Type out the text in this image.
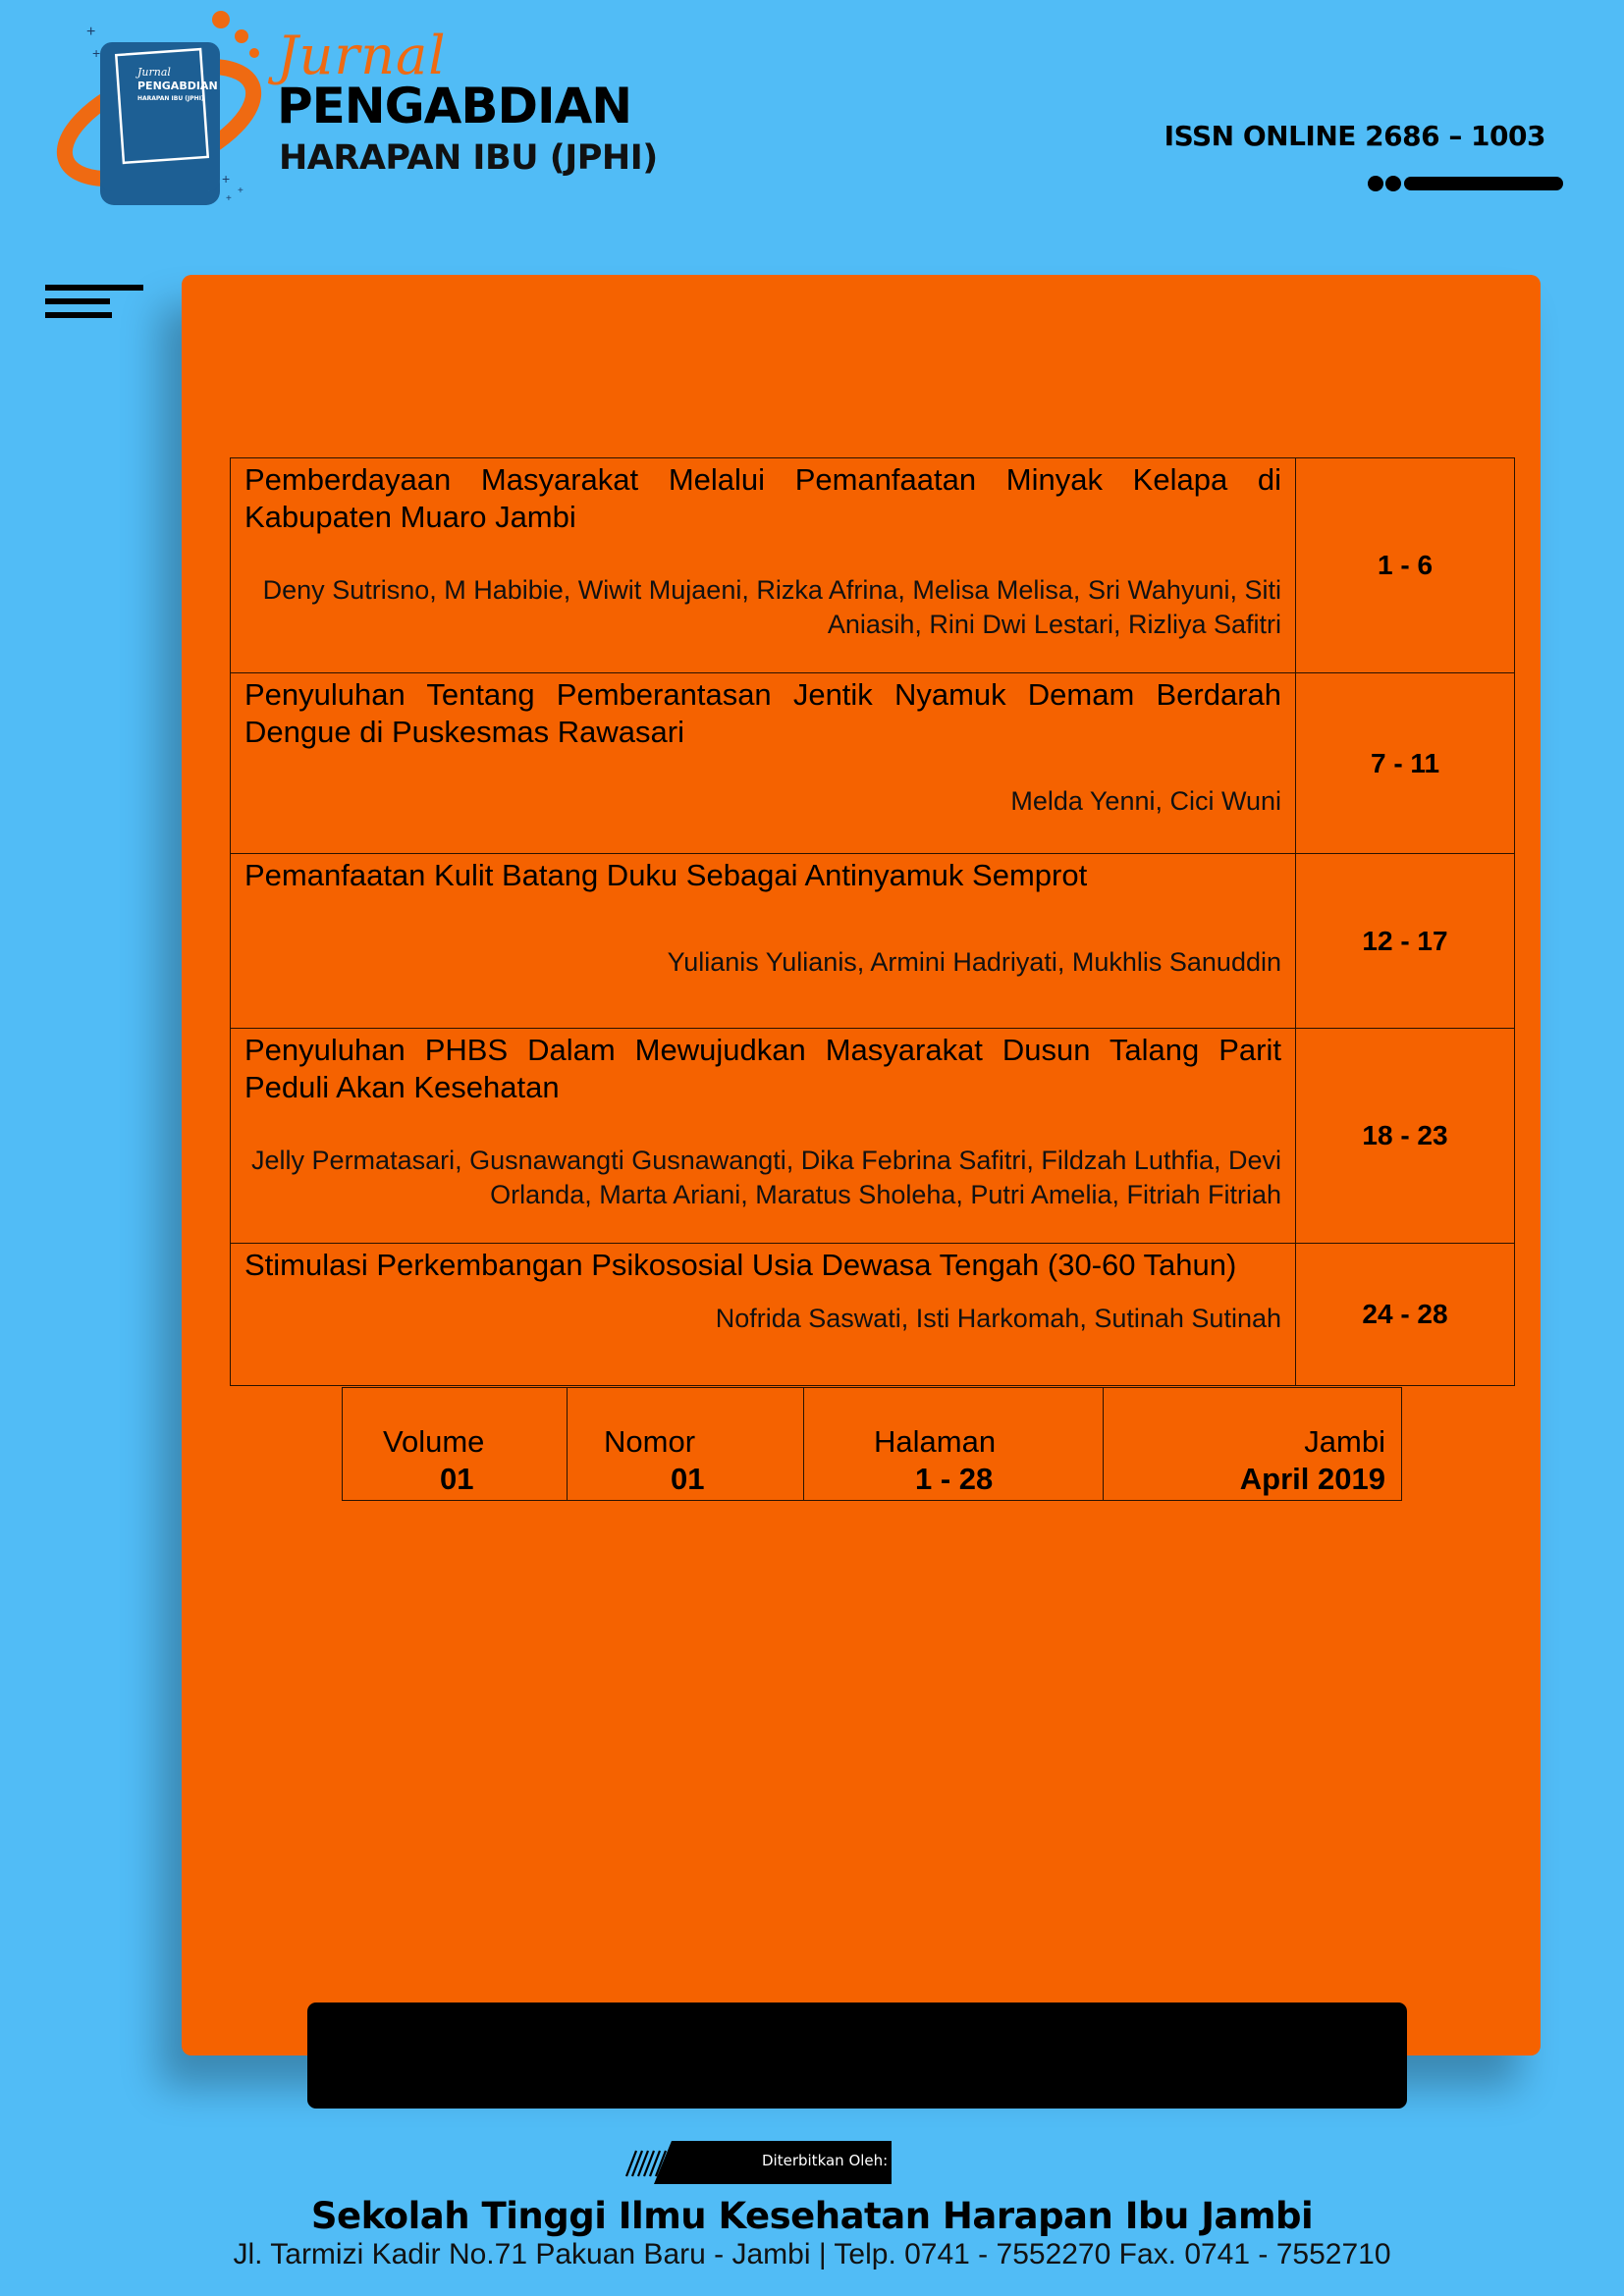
Jurnal
PENGABDIAN
HARAPAN IBU (JPHI)
+
+
+
+
+
Jurnal
PENGABDIAN
HARAPAN IBU (JPHI)
ISSN ONLINE 2686 – 1003
Pemberdayaan Masyarakat Melalui Pemanfaatan Minyak Kelapa di Kabupaten Muaro Jambi
Deny Sutrisno, M Habibie, Wiwit Mujaeni, Rizka Afrina, Melisa Melisa, Sri Wahyuni, Siti Aniasih, Rini Dwi Lestari, Rizliya Safitri	1 - 6

Penyuluhan Tentang Pemberantasan Jentik Nyamuk Demam Berdarah Dengue di Puskesmas Rawasari
Melda Yenni, Cici Wuni	7 - 11

Pemanfaatan Kulit Batang Duku Sebagai Antinyamuk Semprot
Yulianis Yulianis, Armini Hadriyati, Mukhlis Sanuddin	12 - 17

Penyuluhan PHBS Dalam Mewujudkan Masyarakat Dusun Talang Parit Peduli Akan Kesehatan
Jelly Permatasari, Gusnawangti Gusnawangti, Dika Febrina Safitri, Fildzah Luthfia, Devi Orlanda, Marta Ariani, Maratus Sholeha, Putri Amelia, Fitriah Fitriah	18 - 23

Stimulasi Perkembangan Psikososial Usia Dewasa Tengah (30-60 Tahun)
Nofrida Saswati, Isti Harkomah, Sutinah Sutinah	24 - 28
Volume
01

Nomor
01

Halaman
1 - 28

Jambi
April 2019
Diterbitkan Oleh:
Sekolah Tinggi Ilmu Kesehatan Harapan Ibu Jambi
Jl. Tarmizi Kadir No.71 Pakuan Baru - Jambi | Telp. 0741 - 7552270 Fax. 0741 - 7552710
